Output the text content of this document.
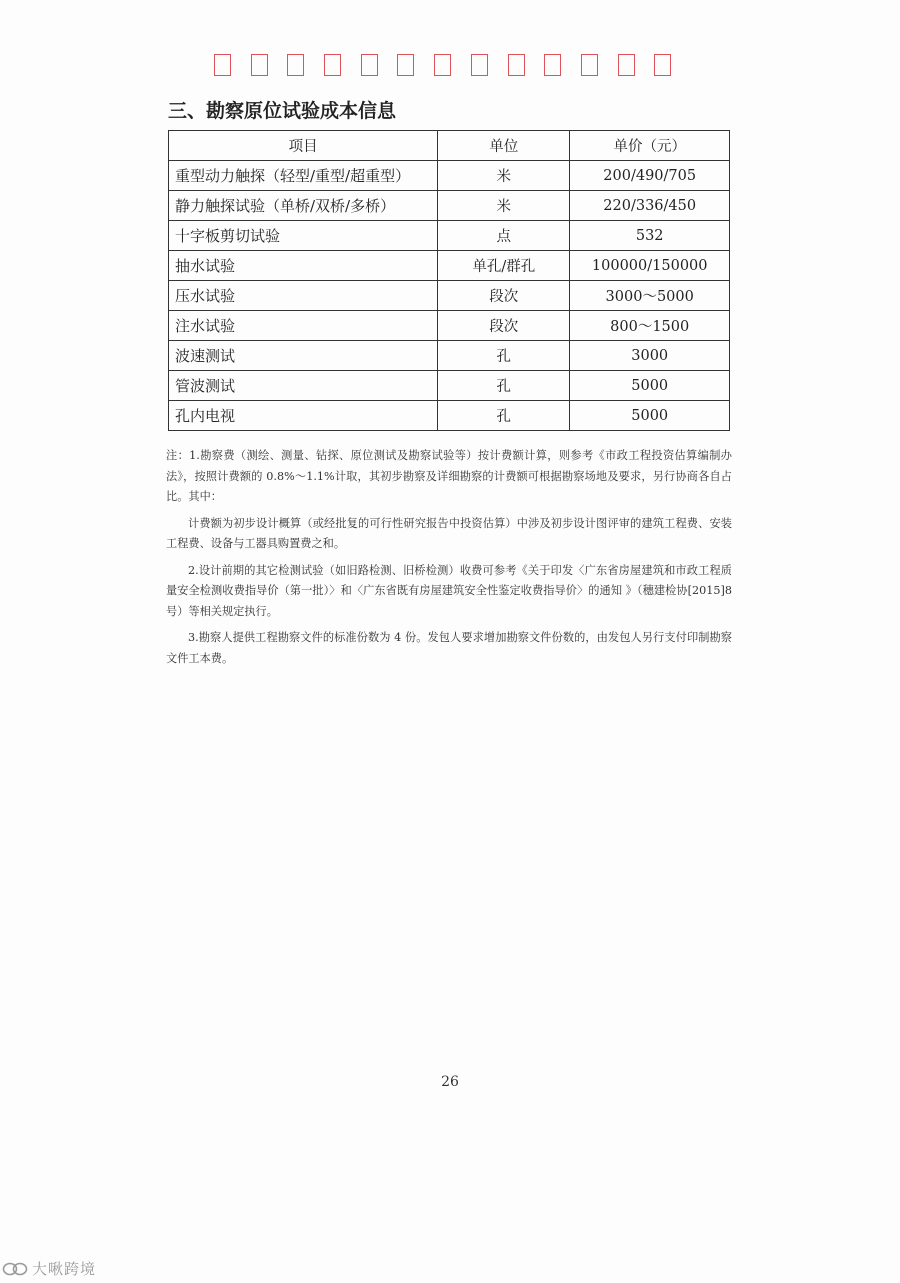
三、勘察原位试验成本信息
项目	单位	单价（元）
重型动力触探（轻型/重型/超重型）	米	200/490/705
静力触探试验（单桥/双桥/多桥）	米	220/336/450
十字板剪切试验	点	532
抽水试验	单孔/群孔	100000/150000
压水试验	段次	3000～5000
注水试验	段次	800～1500
波速测试	孔	3000
管波测试	孔	5000
孔内电视	孔	5000

注：1.勘察费（测绘、测量、钻探、原位测试及勘察试验等）按计费额计算，则参考《市政工程投资估算编制办法》，按照计费额的 0.8%～1.1%计取，其初步勘察及详细勘察的计费额可根据勘察场地及要求，另行协商各自占比。其中：

计费额为初步设计概算（或经批复的可行性研究报告中投资估算）中涉及初步设计图评审的建筑工程费、安装工程费、设备与工器具购置费之和。

2.设计前期的其它检测试验（如旧路检测、旧桥检测）收费可参考《关于印发〈广东省房屋建筑和市政工程质量安全检测收费指导价（第一批）〉和〈广东省既有房屋建筑安全性鉴定收费指导价〉的通知 》（穗建检协[2015]8 号）等相关规定执行。

3.勘察人提供工程勘察文件的标准份数为 4 份。发包人要求增加勘察文件份数的，由发包人另行支付印制勘察文件工本费。

26
大啾跨境
